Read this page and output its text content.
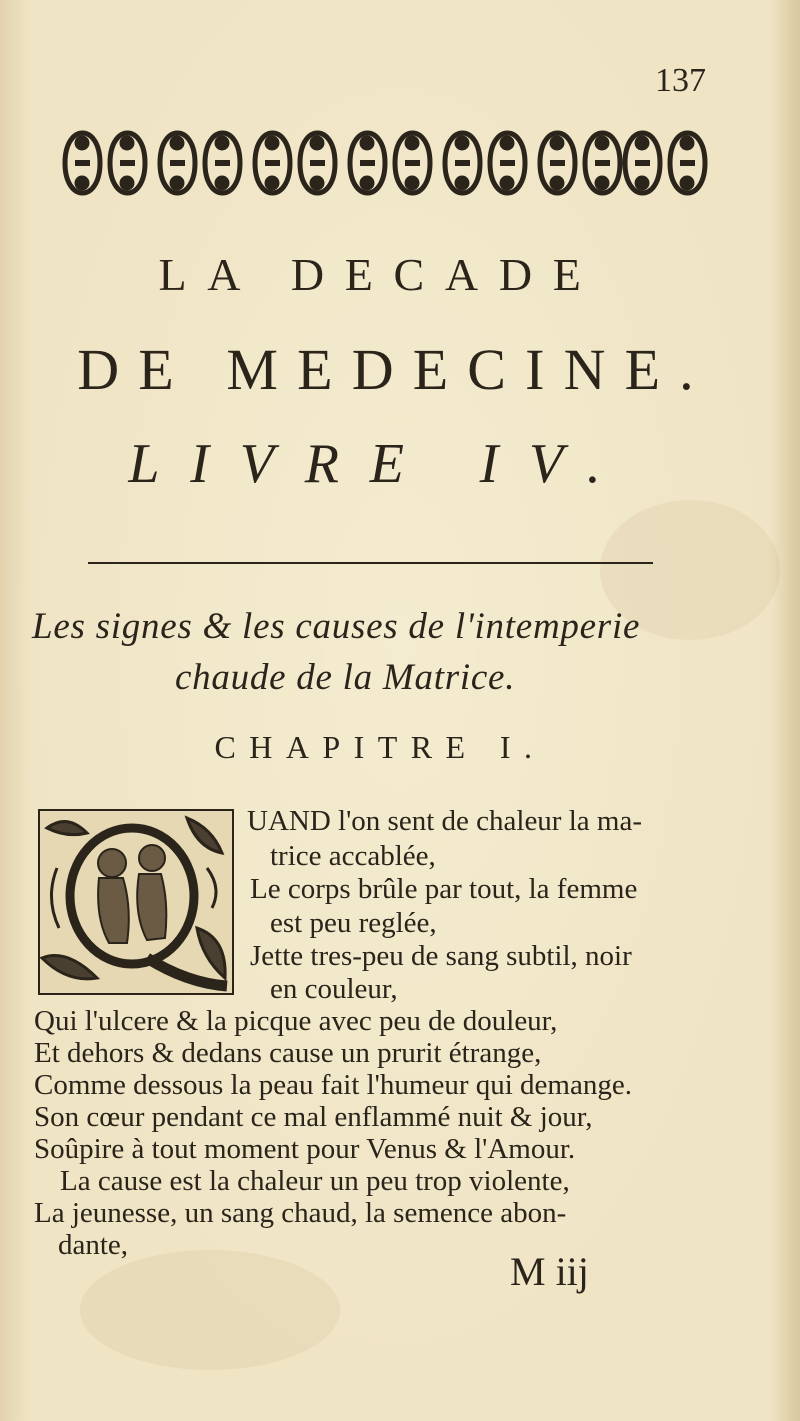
137
LA DECADE
DE MEDECINE.
LIVRE IV.
Les signes & les causes de l'intemperie
chaude de la Matrice.
CHAPITRE I.
UAND l'on sent de chaleur la ma-
trice accablée,
Le corps brûle par tout, la femme
est peu reglée,
Jette tres-peu de sang subtil, noir
en couleur,
Qui l'ulcere & la picque avec peu de douleur,
Et dehors & dedans cause un prurit étrange,
Comme dessous la peau fait l'humeur qui demange.
Son cœur pendant ce mal enflammé nuit & jour,
Soûpire à tout moment pour Venus & l'Amour.
La cause est la chaleur un peu trop violente,
La jeunesse, un sang chaud, la semence abon-
dante,
M iij
